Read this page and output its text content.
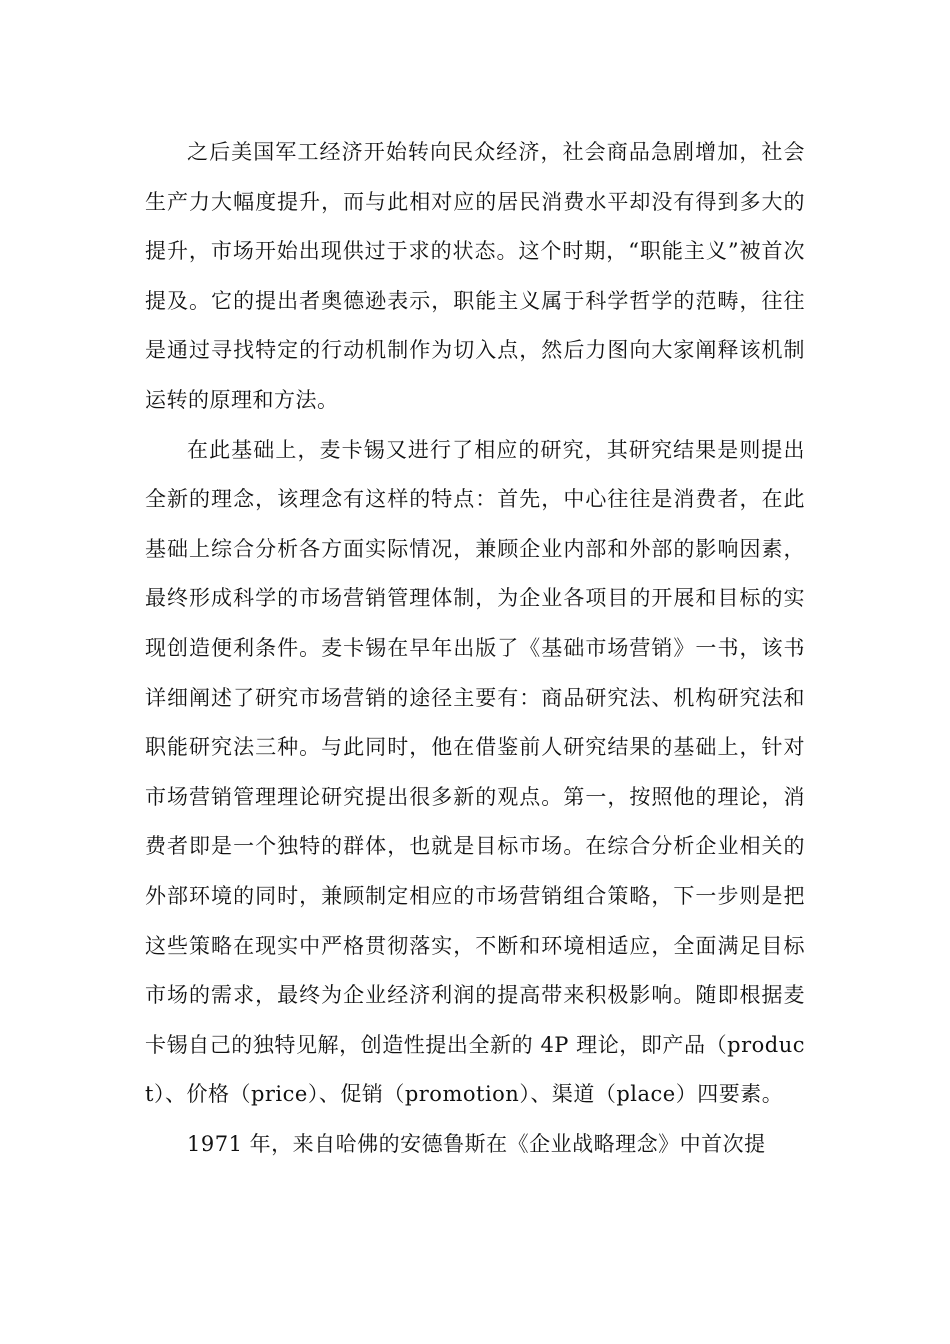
之后美国军工经济开始转向民众经济，社会商品急剧增加，社会生产力大幅度提升，而与此相对应的居民消费水平却没有得到多大的提升，市场开始出现供过于求的状态。这个时期，“职能主义”被首次提及。它的提出者奥德逊表示，职能主义属于科学哲学的范畴，往往是通过寻找特定的行动机制作为切入点，然后力图向大家阐释该机制运转的原理和方法。

在此基础上，麦卡锡又进行了相应的研究，其研究结果是则提出全新的理念，该理念有这样的特点：首先，中心往往是消费者，在此基础上综合分析各方面实际情况，兼顾企业内部和外部的影响因素，最终形成科学的市场营销管理体制，为企业各项目的开展和目标的实现创造便利条件。麦卡锡在早年出版了《基础市场营销》一书，该书详细阐述了研究市场营销的途径主要有：商品研究法、机构研究法和职能研究法三种。与此同时，他在借鉴前人研究结果的基础上，针对市场营销管理理论研究提出很多新的观点。第一，按照他的理论，消费者即是一个独特的群体，也就是目标市场。在综合分析企业相关的外部环境的同时，兼顾制定相应的市场营销组合策略，下一步则是把这些策略在现实中严格贯彻落实，不断和环境相适应，全面满足目标市场的需求，最终为企业经济利润的提高带来积极影响。随即根据麦卡锡自己的独特见解，创造性提出全新的 4P 理论，即产品（product）、价格（price）、促销（promotion）、渠道（place）四要素。

1971 年，来自哈佛的安德鲁斯在《企业战略理念》中首次提
